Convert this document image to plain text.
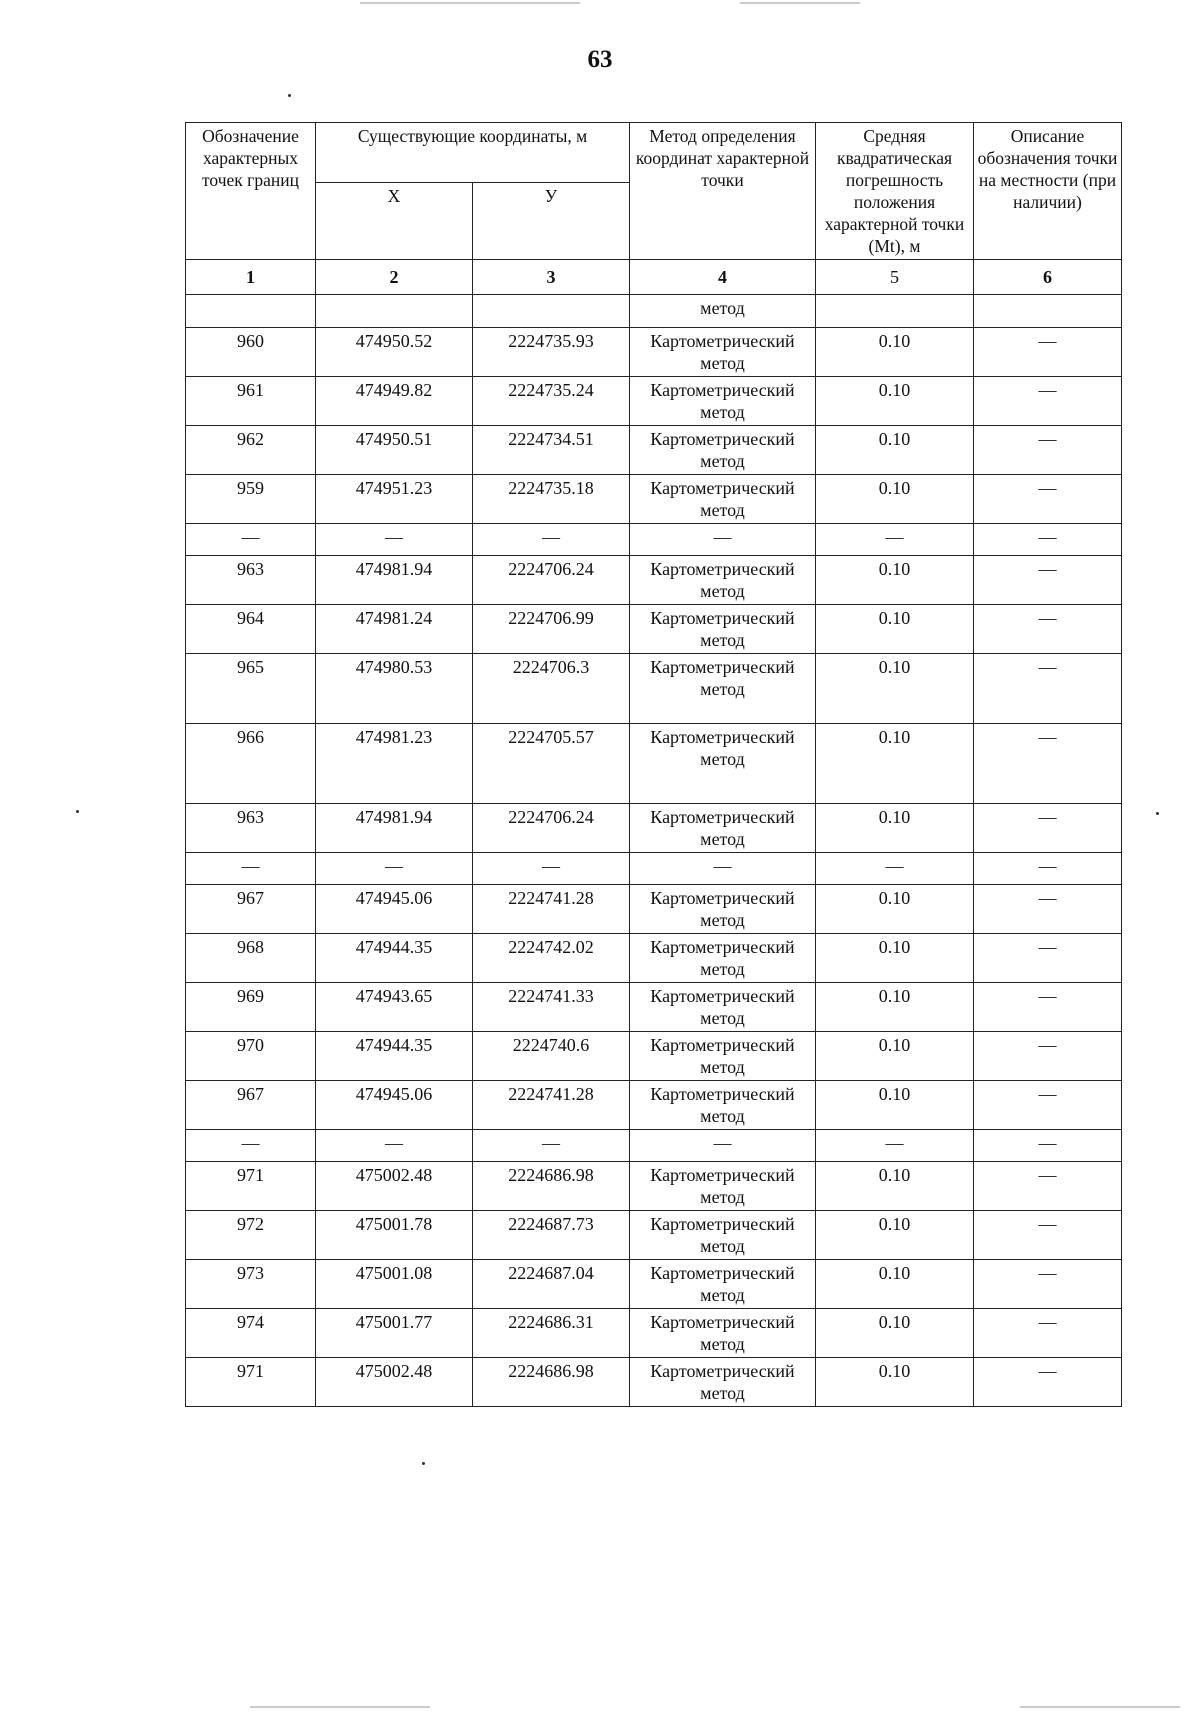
63
Обозначение характерных точек границ	Существующие координаты, м		Метод определения координат характерной точки	Средняя квадратическая погрешность положения характерной точки (Mt), м	Описание обозначения точки на местности (при наличии)
	Х	У			
1	2	3	4	5	6
			метод		
960	474950.52	2224735.93	Картометрический метод	0.10	—
961	474949.82	2224735.24	Картометрический метод	0.10	—
962	474950.51	2224734.51	Картометрический метод	0.10	—
959	474951.23	2224735.18	Картометрический метод	0.10	—
—	—	—	—	—	—
963	474981.94	2224706.24	Картометрический метод	0.10	—
964	474981.24	2224706.99	Картометрический метод	0.10	—
965	474980.53	2224706.3	Картометрический метод	0.10	—
966	474981.23	2224705.57	Картометрический метод	0.10	—
963	474981.94	2224706.24	Картометрический метод	0.10	—
—	—	—	—	—	—
967	474945.06	2224741.28	Картометрический метод	0.10	—
968	474944.35	2224742.02	Картометрический метод	0.10	—
969	474943.65	2224741.33	Картометрический метод	0.10	—
970	474944.35	2224740.6	Картометрический метод	0.10	—
967	474945.06	2224741.28	Картометрический метод	0.10	—
—	—	—	—	—	—
971	475002.48	2224686.98	Картометрический метод	0.10	—
972	475001.78	2224687.73	Картометрический метод	0.10	—
973	475001.08	2224687.04	Картометрический метод	0.10	—
974	475001.77	2224686.31	Картометрический метод	0.10	—
971	475002.48	2224686.98	Картометрический метод	0.10	—
